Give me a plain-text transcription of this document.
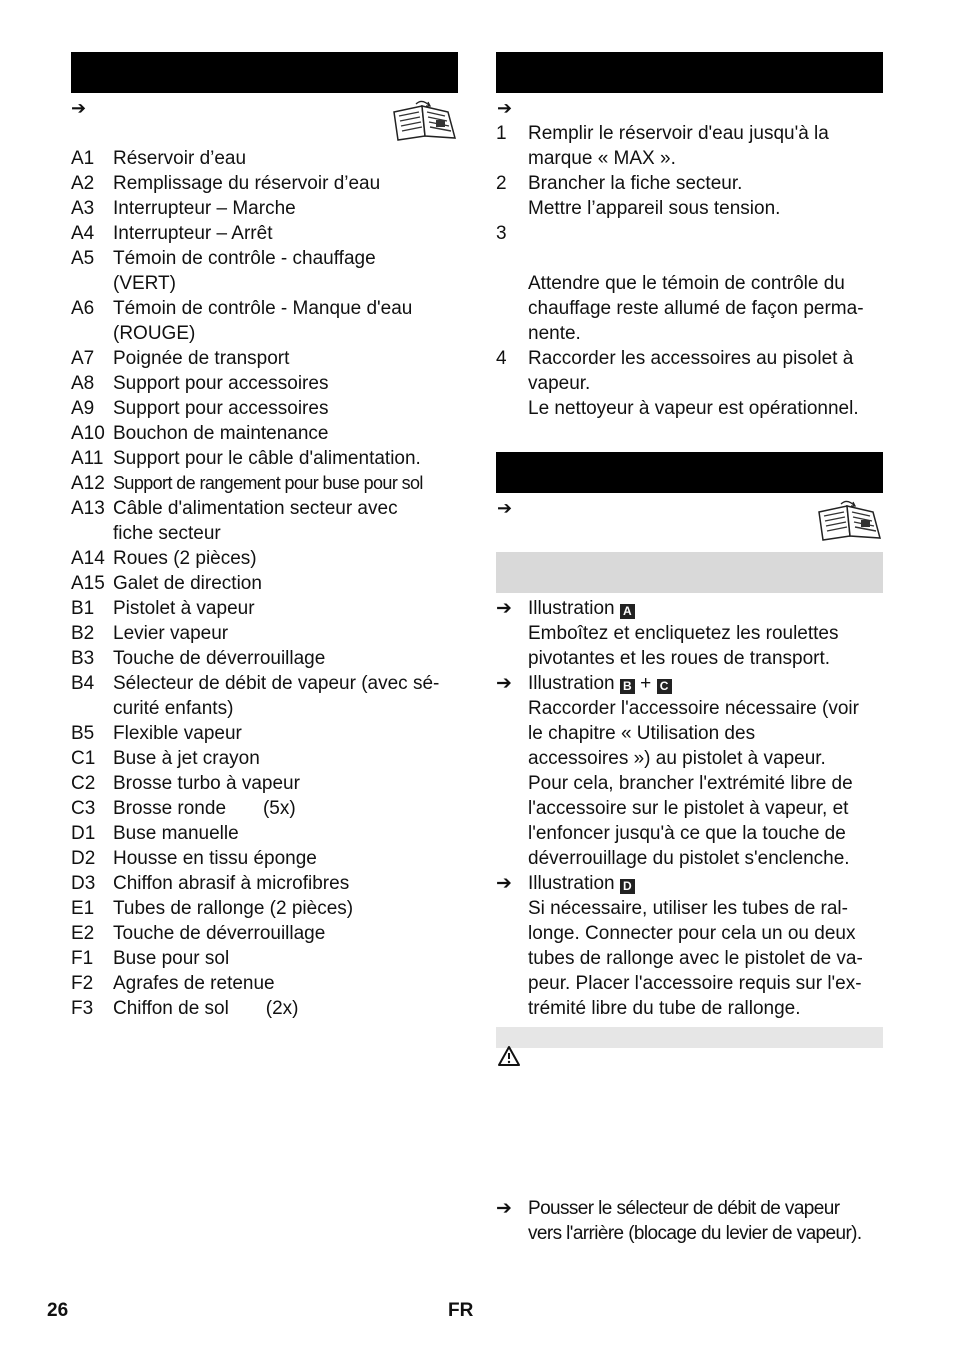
➔	➔
➔
A1 Réservoir d’eau
A2 Remplissage du réservoir d’eau
A3 Interrupteur – Marche
A4 Interrupteur – Arrêt
A5 Témoin de contrôle - chauffage
(VERT)
A6 Témoin de contrôle - Manque d'eau
(ROUGE)
A7 Poignée de transport
A8 Support pour accessoires
A9 Support pour accessoires
A10 Bouchon de maintenance
A11 Support pour le câble d'alimentation.
A12 Support de rangement pour buse pour sol
A13 Câble d'alimentation secteur avec
fiche secteur
A14 Roues (2 pièces)
A15 Galet de direction
B1 Pistolet à vapeur
B2 Levier vapeur
B3 Touche de déverrouillage
B4 Sélecteur de débit de vapeur (avec sé-
curité enfants)
B5 Flexible vapeur
C1 Buse à jet crayon
C2 Brosse turbo à vapeur
C3 Brosse ronde       (5x)
D1 Buse manuelle
D2 Housse en tissu éponge
D3 Chiffon abrasif à microfibres
E1 Tubes de rallonge (2 pièces)
E2 Touche de déverrouillage
F1	Buse pour sol
F2	Agrafes de retenue
F3	Chiffon de sol       (2x)
1	Remplir le réservoir d'eau jusqu'à la
marque « MAX ».
2	Brancher la fiche secteur.
Mettre l’appareil sous tension.
3
Attendre que le témoin de contrôle du
chauffage reste allumé de façon perma-
nente.
4	Raccorder les accessoires au pisolet à
vapeur.
Le nettoyeur à vapeur est opérationnel.
➔ Illustration A
Emboîtez et encliquetez les roulettes
pivotantes et les roues de transport.
➔ Illustration B + C
Raccorder l'accessoire nécessaire (voir
le chapitre « Utilisation des
accessoires ») au pistolet à vapeur.
Pour cela, brancher l'extrémité libre de
l'accessoire sur le pistolet à vapeur, et
l'enfoncer jusqu'à ce que la touche de
déverrouillage du pistolet s'enclenche.
➔ Illustration D
Si nécessaire, utiliser les tubes de ral-
longe. Connecter pour cela un ou deux
tubes de rallonge avec le pistolet de va-
peur. Placer l'accessoire requis sur l'ex-
trémité libre du tube de rallonge.
➔ Pousser le sélecteur de débit de vapeur
vers l'arrière (blocage du levier de vapeur).
26	FR
